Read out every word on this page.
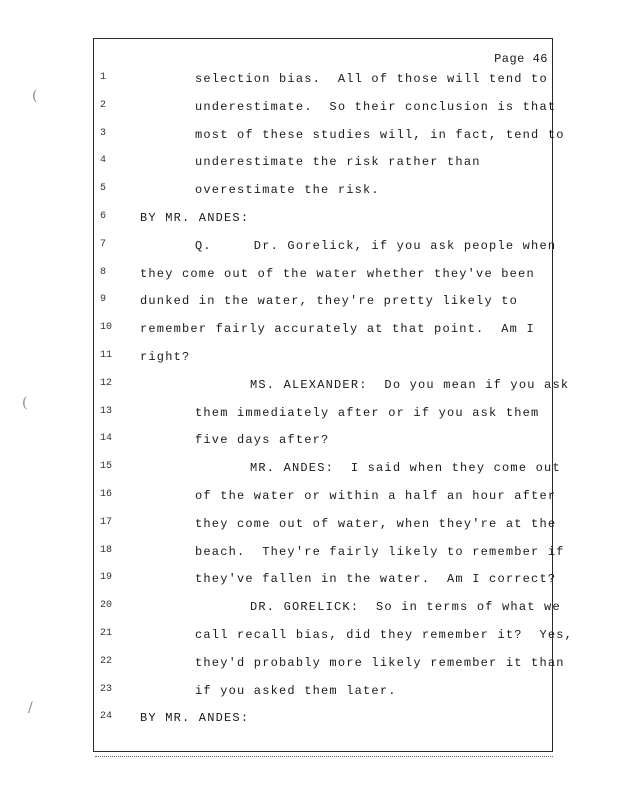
Page 46
1	selection bias.  All of those will tend to
2	underestimate.  So their conclusion is that
3	most of these studies will, in fact, tend to
4	underestimate the risk rather than
5	overestimate the risk.
6	BY MR. ANDES:
7	Q.     Dr. Gorelick, if you ask people when
8	they come out of the water whether they've been
9	dunked in the water, they're pretty likely to
10	remember fairly accurately at that point.  Am I
11	right?
12	MS. ALEXANDER:  Do you mean if you ask
13	them immediately after or if you ask them
14	five days after?
15	MR. ANDES:  I said when they come out
16	of the water or within a half an hour after
17	they come out of water, when they're at the
18	beach.  They're fairly likely to remember if
19	they've fallen in the water.  Am I correct?
20	DR. GORELICK:  So in terms of what we
21	call recall bias, did they remember it?  Yes,
22	they'd probably more likely remember it than
23	if you asked them later.
24	BY MR. ANDES:
(
(
/
